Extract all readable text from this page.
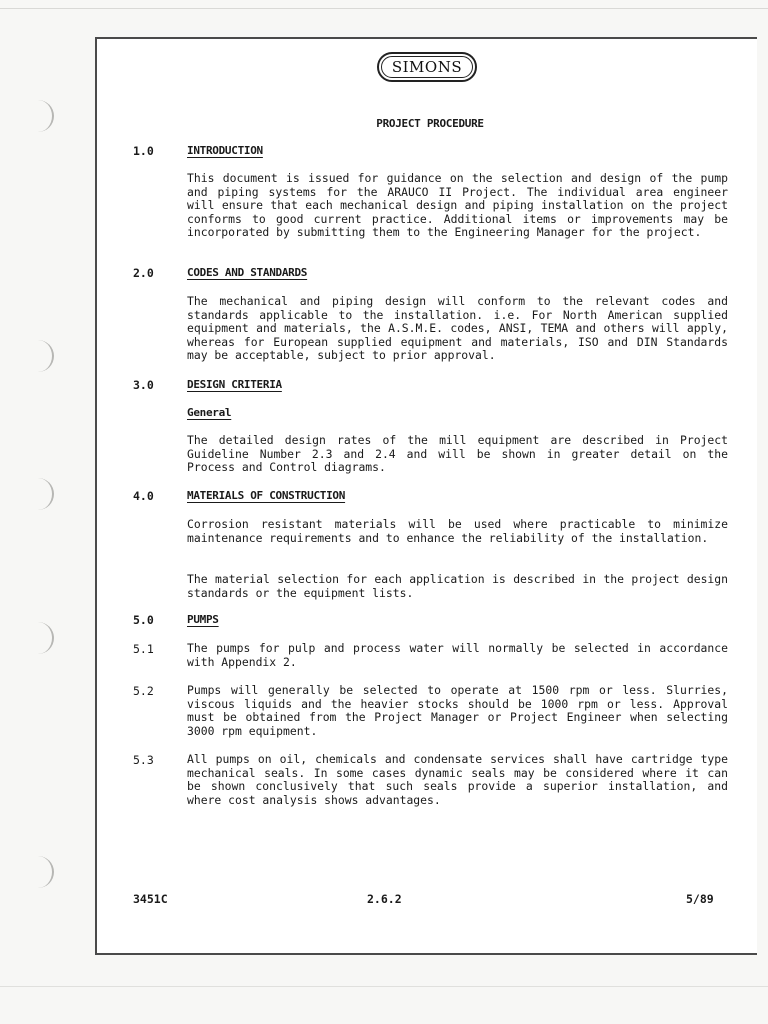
SIMONS
PROJECT PROCEDURE
1.0	INTRODUCTION
This document is issued for guidance on the selection and design of the pump and piping systems for the ARAUCO II Project. The individual area engineer will ensure that each mechanical design and piping installation on the project conforms to good current practice. Additional items or improvements may be incorporated by submitting them to the Engineering Manager for the project.
2.0	CODES AND STANDARDS
The mechanical and piping design will conform to the relevant codes and standards applicable to the installation. i.e. For North American supplied equipment and materials, the A.S.M.E. codes, ANSI, TEMA and others will apply, whereas for European supplied equipment and materials, ISO and DIN Standards may be acceptable, subject to prior approval.
3.0	DESIGN CRITERIA
General
The detailed design rates of the mill equipment are described in Project Guideline Number 2.3 and 2.4 and will be shown in greater detail on the Process and Control diagrams.
4.0	MATERIALS OF CONSTRUCTION
Corrosion resistant materials will be used where practicable to minimize maintenance requirements and to enhance the reliability of the installation.
The material selection for each application is described in the project design standards or the equipment lists.
5.0	PUMPS
5.1	The pumps for pulp and process water will normally be selected in accordance with Appendix 2.
5.2	Pumps will generally be selected to operate at 1500 rpm or less. Slurries, viscous liquids and the heavier stocks should be 1000 rpm or less. Approval must be obtained from the Project Manager or Project Engineer when selecting 3000 rpm equipment.
5.3	All pumps on oil, chemicals and condensate services shall have cartridge type mechanical seals. In some cases dynamic seals may be considered where it can be shown conclusively that such seals provide a superior installation, and where cost analysis shows advantages.
3451C	2.6.2	5/89
